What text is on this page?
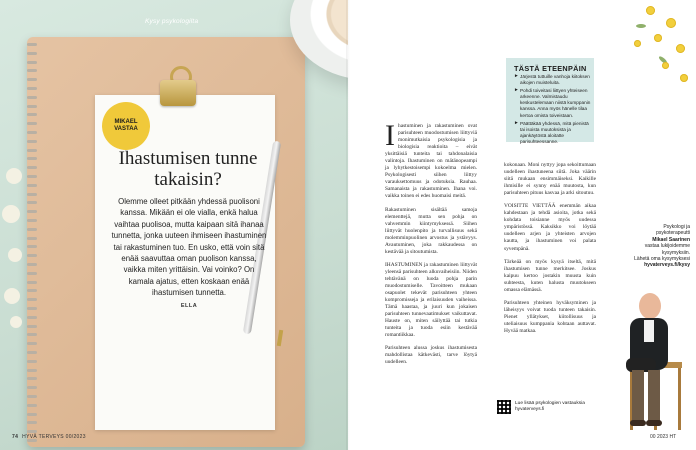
Kysy psykologilta
MIKAEL VASTAA
Ihastumisen tunne takaisin?
Olemme olleet pitkään yhdessä puolisoni kanssa. Mikään ei ole vialla, enkä halua vaihtaa puolisoa, mutta kaipaan sitä ihanaa tunnetta, jonka uuteen ihmiseen ihastuminen tai rakastuminen tuo. En usko, että voin sitä enää saavuttaa oman puolison kanssa, vaikka miten yrittäisin. Vai voinko? On kamala ajatus, etten koskaan enää ihastumisen tunnetta.
ELLA
74 HYVÄ TERVEYS 00/2023	00 2023 HT
I hastuminen ja rakastuminen ovat parisuhteen muodostumisen liittyviä monimutkaisia psykologisia ja biologisia reaktioita – eivät yksittäisiä tunteita tai tahdonalaisia valintoja. Ihastuminen on mätänopeampi ja lyhytkestoisempi kokoelma mielen. Psykologisesti siihen liittyy varauksettomuus ja odotuksia. Rauhaa. Samanaista ja rakastuminen. Ihana voi. vaikka toinen ei edes huomaisi meitä.

Rakastuminen sisältää samoja elementtejä, mutta sen pohja on vahvemmin kiintymyksessä. Siihen liittyvät huolenpito ja turvallisuus sekä molemminpuolinen arvostus ja ystävyys. Avautuminen, joka rakkaudessa on kestävää ja sitoutumista.

IHASTUMINEN ja rakastuminen liittyvät yleensä parisuhteen alkuvaiheisiin. Niiden tehtävänä on luoda pohja parin muodostumiselle. Tavoitteen mukaan osapuolet tekevät parisuhteen yhteen kompromisseja ja erilaisuuden vaiheissa. Tämä haastaa, ja juuri kun jokaisen parisuhteen tunnevaatimukset vaikuttavat. Hauste on, miten säilyttää tai tutkia tunteita ja tuoda esiin kestävää romantiikkaa.

Parisuhteen alussa joskus ihastumisesta mahdollistaa kätkevästi, tarve löytyä uudelleen.

TÄSTÄ ETEENPÄIN
► Järjestä tuttuille vanhoja kiitoksen aikojen muisteluita.
► Pohdi toiveitasi liittyen yhteiseen arkeenne. Valmistaudu keskustelemaan niistä kumppanin kanssa. Anna myös hänelle tilaa kertoa omista toiveistaan.
► Päättäkää yhdessä, mitä pienistä tai isoista muutoksista ja ajankäytöstä aloitatte parisuhteessanne.

kokonaan. Moni nyttyy jopa sekoittumaan uudelleen ihastuneena siitä. Joka väärin siitä mukaan ensimmäiseksi. Kaikille ihmisille ei synny enää muutosta, kun parisuhteen pituus kasvaa ja arki sitoutuu.

VOISITTE VIETTÄÄ enemmän aikaa kahdestaan ja tehdä asioita, jotka sekä kohdata toisianne myös uudessa ympäristössä. Kaksikko voi löytää uudelleen arjen ja yhteisten arvojen kautta, ja ihastuminen voi palata syvempänä.

Tärkeää on myös kysyä itseltä, mitä ihastumisen tunne merkitsee. Joskus kaipuu kertoo jostakin muusta kuin suhteesta, kuten halusta muutokseen omassa elämässä.

Parisuhteen yhteinen hyväksyminen ja läheisyys voivat tuoda tunteen takaisin. Pienet yllätykset, kiitollisuus ja uteliaisuus kumppania kohtaan auttavat. Hyvää matkaa.

Psykologi ja
psykoterapeutti
Mikael Saarinen
vastaa lukijoidemme
kysymyksiin.
Lähetä oma kysymyksesi
hyvaterveys.fi/kysy
Lue lisää psykologien vastauksia hyvaterveys.fi
